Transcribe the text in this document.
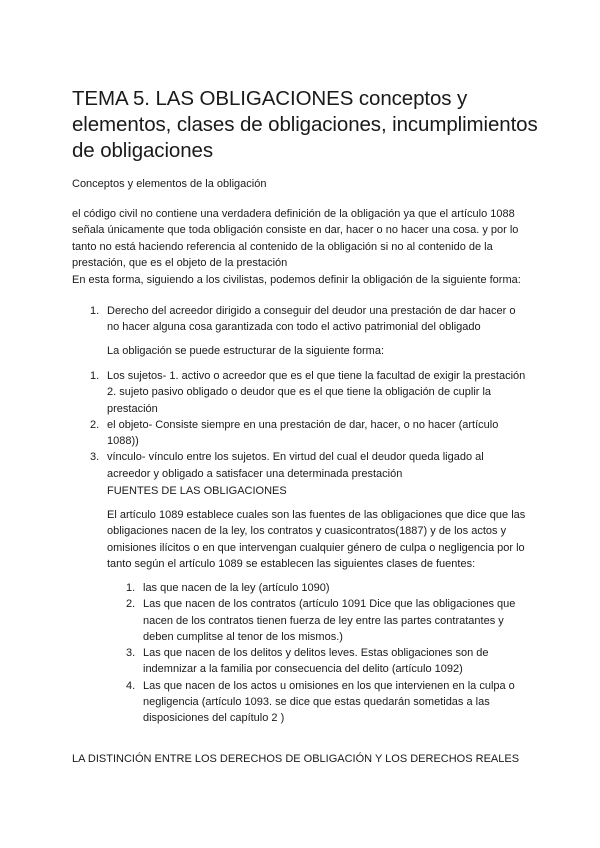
TEMA 5. LAS OBLIGACIONES conceptos y elementos, clases de obligaciones, incumplimientos de obligaciones
Conceptos y elementos de la obligación

el código civil no contiene una verdadera definición de la obligación ya que el artículo 1088 señala únicamente que toda obligación consiste en dar, hacer o no hacer una cosa. y por lo tanto no está haciendo referencia al contenido de la obligación si no al contenido de la prestación, que es el objeto de la prestación

En esta forma, siguiendo a los civilistas, podemos definir la obligación de la siguiente forma:

1. Derecho del acreedor dirigido a conseguir del deudor una prestación de dar hacer o no hacer alguna cosa garantizada con todo el activo patrimonial del obligado

La obligación se puede estructurar de la siguiente forma:

1. Los sujetos- 1. activo o acreedor que es el que tiene la facultad de exigir la prestación 2. sujeto pasivo obligado o deudor que es el que tiene la obligación de cuplir la prestación
2. el objeto- Consiste siempre en una prestación de dar, hacer, o no hacer (artículo 1088))
3. vínculo- vínculo entre los sujetos. En virtud del cual el deudor queda ligado al acreedor y obligado a satisfacer una determinada prestación
FUENTES DE LAS OBLIGACIONES

El artículo 1089 establece cuales son las fuentes de las obligaciones que dice que las obligaciones nacen de la ley, los contratos y cuasicontratos(1887) y de los actos y omisiones ilícitos o en que intervengan cualquier género de culpa o negligencia por lo tanto según el artículo 1089 se establecen las siguientes clases de fuentes:

1. las que nacen de la ley (artículo 1090)
2. Las que nacen de los contratos (artículo 1091 Dice que las obligaciones que nacen de los contratos tienen fuerza de ley entre las partes contratantes y deben cumplitse al tenor de los mismos.)
3. Las que nacen de los delitos y delitos leves. Estas obligaciones son de indemnizar a la familia por consecuencia del delito (artículo 1092)
4. Las que nacen de los actos u omisiones en los que intervienen en la culpa o negligencia (artículo 1093. se dice que estas quedarán sometidas a las disposiciones del capítulo 2 )
LA DISTINCIÓN ENTRE LOS DERECHOS DE OBLIGACIÓN Y LOS DERECHOS REALES
